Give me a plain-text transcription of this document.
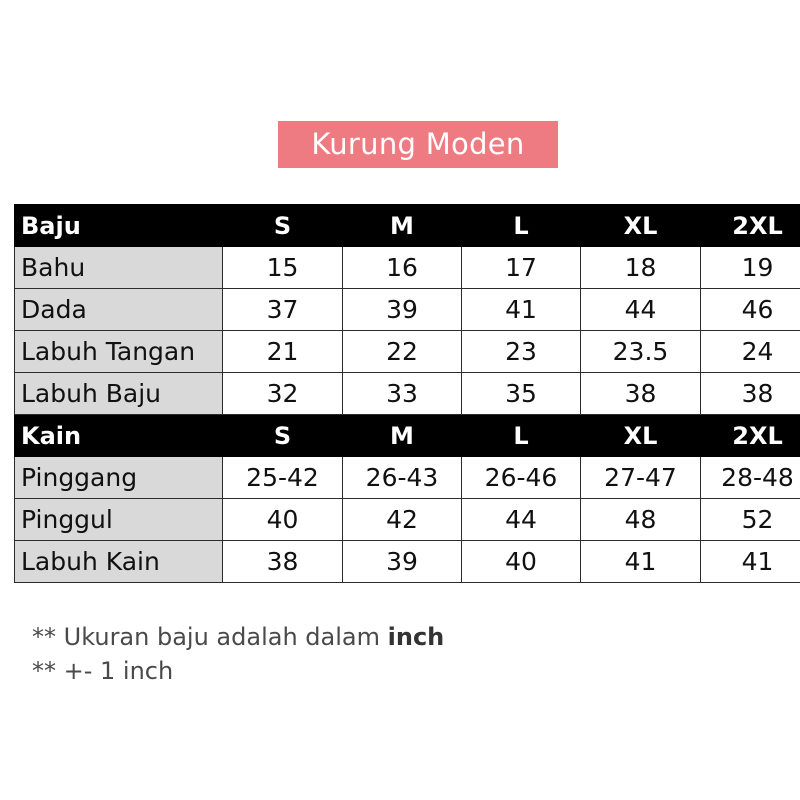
Kurung Moden
Baju	S	M	L	XL	2XL
Bahu	15	16	17	18	19
Dada	37	39	41	44	46
Labuh Tangan	21	22	23	23.5	24
Labuh Baju	32	33	35	38	38
Kain	S	M	L	XL	2XL
Pinggang	25-42	26-43	26-46	27-47	28-48
Pinggul	40	42	44	48	52
Labuh Kain	38	39	40	41	41
** Ukuran baju adalah dalam inch
** +- 1 inch
